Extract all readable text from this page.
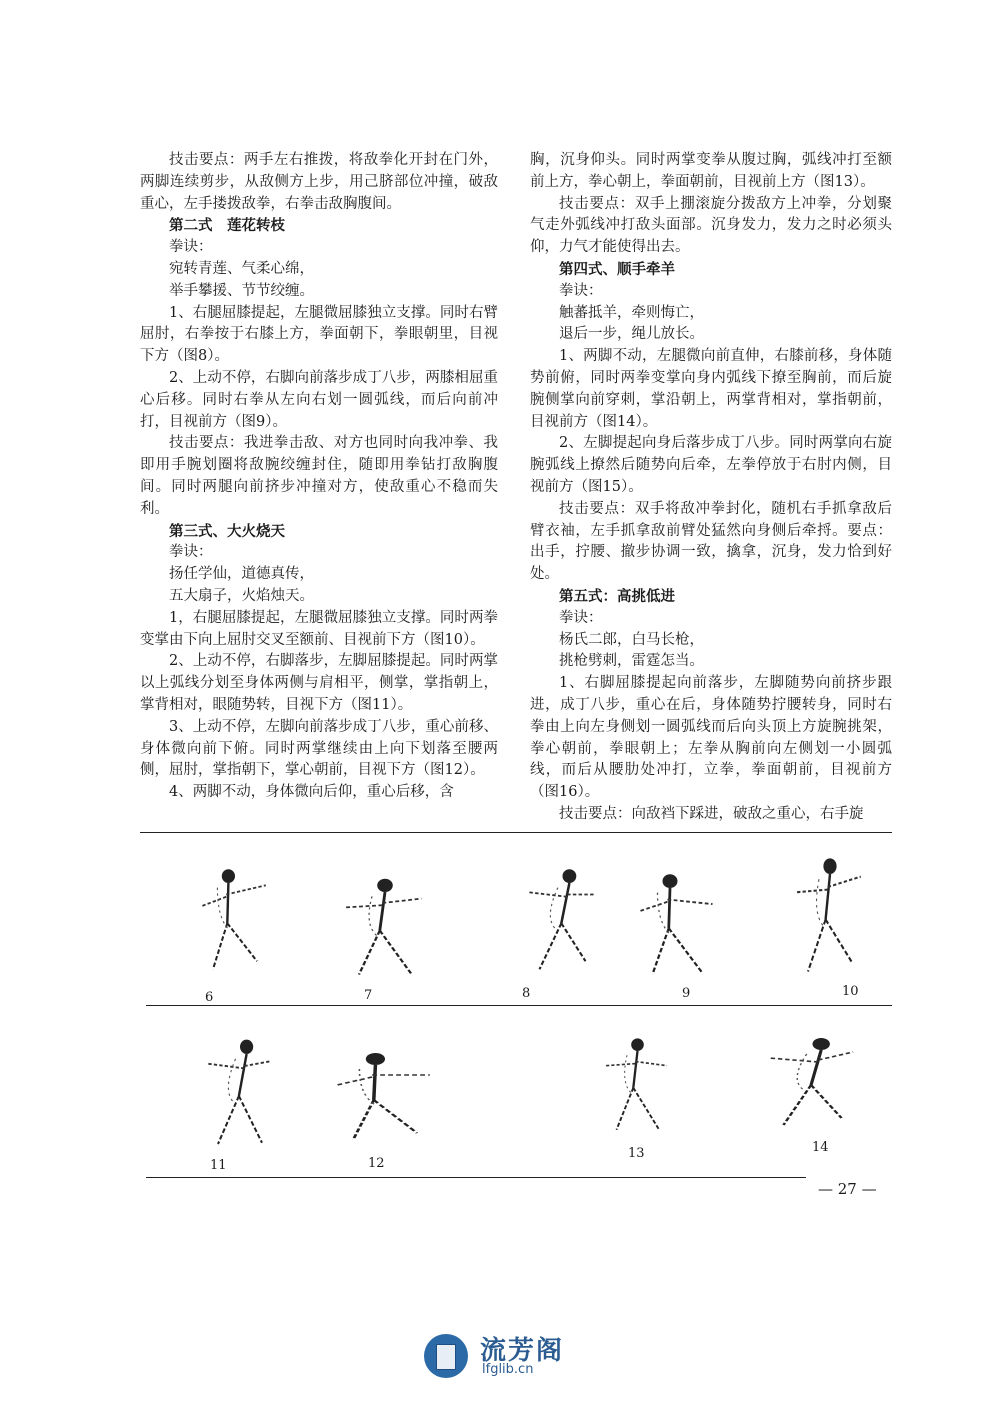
技击要点：两手左右推拨，将敌拳化开封在门外，两脚连续剪步，从敌侧方上步，用己脐部位冲撞，破敌重心，左手搂拨敌拳，右拳击敌胸腹间。

第二式　莲花转枝

拳诀：

宛转青莲、气柔心绵，

举手攀援、节节绞缠。

1、右腿屈膝提起，左腿微屈膝独立支撑。同时右臂屈肘，右拳按于右膝上方，拳面朝下，拳眼朝里，目视下方（图8）。

2、上动不停，右脚向前落步成丁八步，两膝相屈重心后移。同时右拳从左向右划一圆弧线，而后向前冲打，目视前方（图9）。

技击要点：我进拳击敌、对方也同时向我冲拳、我即用手腕划圈将敌腕绞缠封住，随即用拳钻打敌胸腹间。同时两腿向前挤步冲撞对方，使敌重心不稳而失利。

第三式、大火烧天

拳诀：

扬任学仙，道德真传，

五大扇子，火焰烛天。

1，右腿屈膝提起，左腿微屈膝独立支撑。同时两拳变掌由下向上屈肘交叉至额前、目视前下方（图10）。

2、上动不停，右脚落步，左脚屈膝提起。同时两掌以上弧线分划至身体两侧与肩相平，侧掌，掌指朝上，掌背相对，眼随势转，目视下方（图11）。

3、上动不停，左脚向前落步成丁八步，重心前移、身体微向前下俯。同时两掌继续由上向下划落至腰两侧，屈肘，掌指朝下，掌心朝前，目视下方（图12）。

4、两脚不动，身体微向后仰，重心后移，含

胸，沉身仰头。同时两掌变拳从腹过胸，弧线冲打至额前上方，拳心朝上，拳面朝前，目视前上方（图13）。

技击要点：双手上掤滚旋分拨敌方上冲拳，分划聚气走外弧线冲打敌头面部。沉身发力，发力之时必须头仰，力气才能使得出去。

第四式、顺手牵羊

拳诀：

触蕃抵羊，牵则悔亡，

退后一步，绳儿放长。

1、两脚不动，左腿微向前直伸，右膝前移，身体随势前俯，同时两拳变掌向身内弧线下撩至胸前，而后旋腕侧掌向前穿刺，掌沿朝上，两掌背相对，掌指朝前，目视前方（图14）。

2、左脚提起向身后落步成丁八步。同时两掌向右旋腕弧线上撩然后随势向后牵，左拳停放于右肘内侧，目视前方（图15）。

技击要点：双手将敌冲拳封化，随机右手抓拿敌后臂衣袖，左手抓拿敌前臂处猛然向身侧后牵捋。要点：出手，拧腰、撤步协调一致，擒拿，沉身，发力恰到好处。

第五式：高挑低进

拳诀：

杨氏二郎，白马长枪，

挑枪劈刺，雷霆怎当。

1、右脚屈膝提起向前落步，左脚随势向前挤步跟进，成丁八步，重心在后，身体随势拧腰转身，同时右拳由上向左身侧划一圆弧线而后向头顶上方旋腕挑架，拳心朝前，拳眼朝上；左拳从胸前向左侧划一小圆弧线，而后从腰肋处冲打，立拳，拳面朝前，目视前方（图16）。

技击要点：向敌裆下踩进，破敌之重心，右手旋

6	7	8	9	10
11	12
13	14
— 27 —
流芳阁
lfglib.cn
